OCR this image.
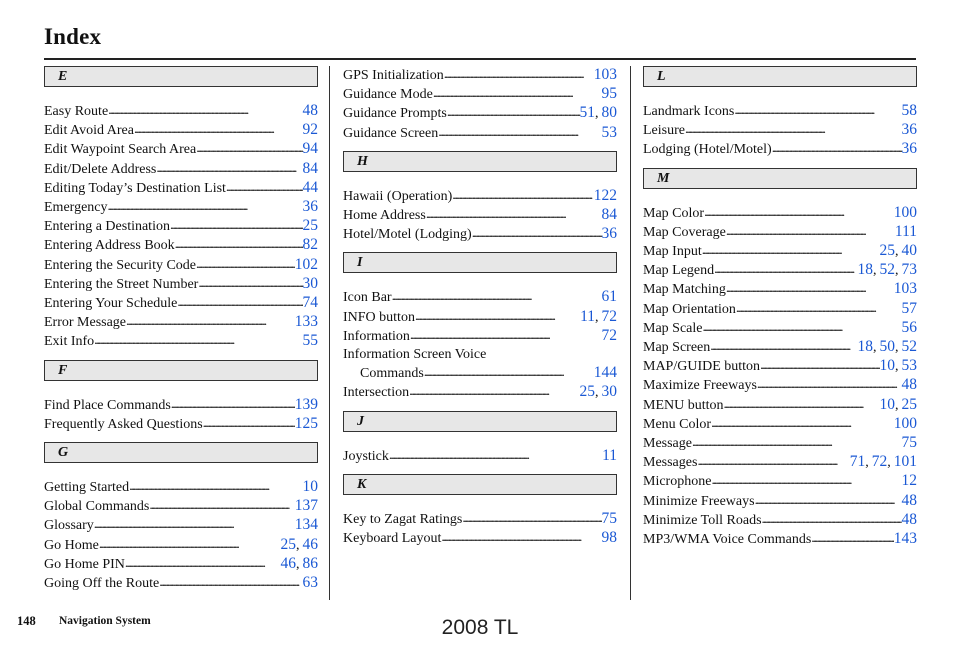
Index
E
Easy Route . . .	48
Edit Avoid Area . . .	92
Edit Waypoint Search Area . . .	94
Edit/Delete Address . . .	84
Editing Today’s Destination List . . .	44
Emergency . . .	36
Entering a Destination . . .	25
Entering Address Book . . .	82
Entering the Security Code . . .	102
Entering the Street Number . . .	30
Entering Your Schedule . . .	74
Error Message . . .	133
Exit Info . . .	55
F
Find Place Commands . . .	139
Frequently Asked Questions . . .	125
G
Getting Started . . .	10
Global Commands . . .	137
Glossary . . .	134
Go Home . . .	25, 46
Go Home PIN . . .	46, 86
Going Off the Route . . .	63
GPS Initialization . . .	103
Guidance Mode . . .	95
Guidance Prompts . . .	51, 80
Guidance Screen . . .	53
H
Hawaii (Operation) . . .	122
Home Address . . .	84
Hotel/Motel (Lodging) . . .	36
I
Icon Bar . . .	61
INFO button . . .	11, 72
Information . . .	72
Information Screen Voice
Commands . . .	144
Intersection . . .	25, 30
J
Joystick . . .	11
K
Key to Zagat Ratings . . .	75
Keyboard Layout . . .	98
L
Landmark Icons . . .	58
Leisure . . .	36
Lodging (Hotel/Motel) . . .	36
M
Map Color . . .	100
Map Coverage . . .	111
Map Input . . .	25, 40
Map Legend . . .	18, 52, 73
Map Matching . . .	103
Map Orientation . . .	57
Map Scale . . .	56
Map Screen . . .	18, 50, 52
MAP/GUIDE button . . .	10, 53
Maximize Freeways . . .	48
MENU button . . .	10, 25
Menu Color . . .	100
Message . . .	75
Messages . . .	71, 72, 101
Microphone . . .	12
Minimize Freeways . . .	48
Minimize Toll Roads . . .	48
MP3/WMA Voice Commands . . .	143
148 Navigation System	2008 TL
